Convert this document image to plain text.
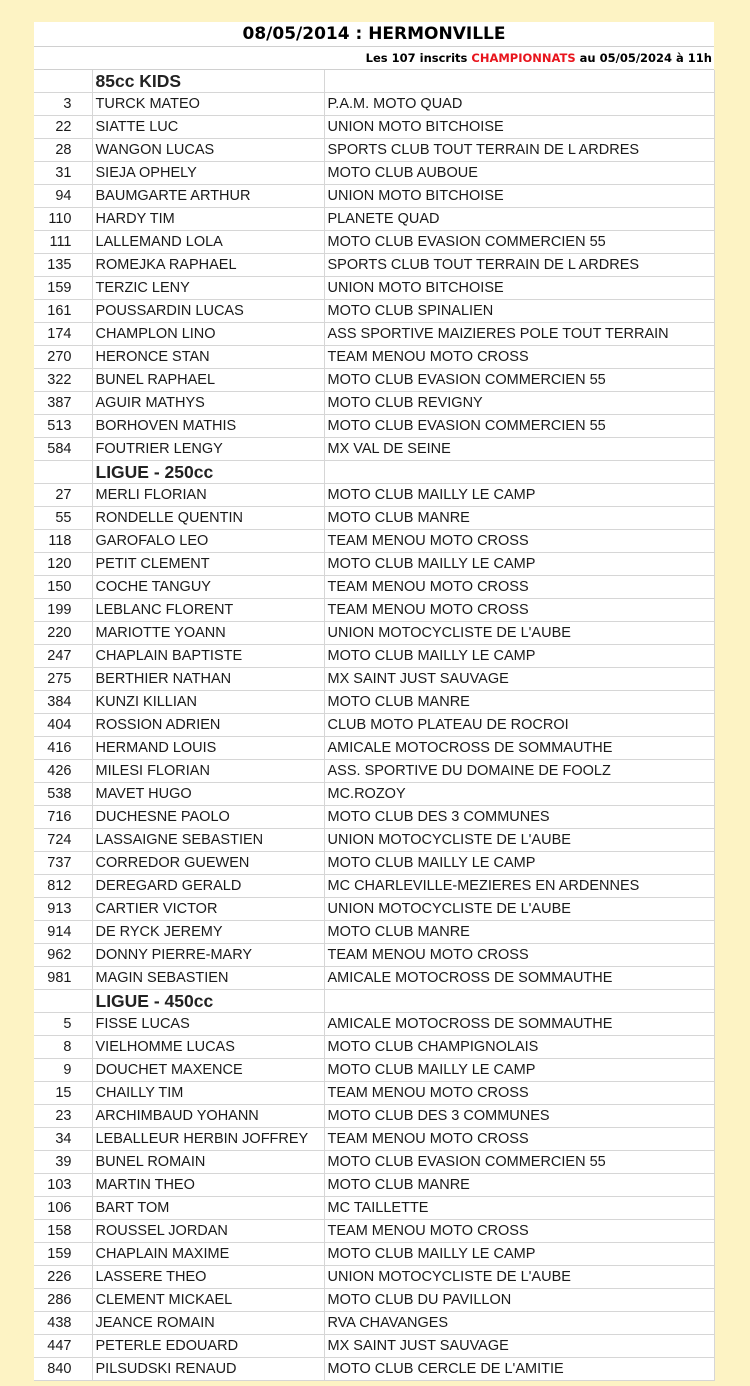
08/05/2014 : HERMONVILLE
Les 107 inscrits CHAMPIONNATS au 05/05/2024 à 11h
	85cc KIDS	
3	TURCK MATEO	P.A.M. MOTO QUAD
22	SIATTE LUC	UNION MOTO BITCHOISE
28	WANGON LUCAS	SPORTS CLUB TOUT TERRAIN DE L ARDRES
31	SIEJA OPHELY	MOTO CLUB AUBOUE
94	BAUMGARTE ARTHUR	UNION MOTO BITCHOISE
110	HARDY TIM	PLANETE QUAD
111	LALLEMAND LOLA	MOTO CLUB EVASION COMMERCIEN 55
135	ROMEJKA RAPHAEL	SPORTS CLUB TOUT TERRAIN DE L ARDRES
159	TERZIC LENY	UNION MOTO BITCHOISE
161	POUSSARDIN LUCAS	MOTO CLUB SPINALIEN
174	CHAMPLON LINO	ASS SPORTIVE MAIZIERES POLE TOUT TERRAIN
270	HERONCE STAN	TEAM MENOU MOTO CROSS
322	BUNEL RAPHAEL	MOTO CLUB EVASION COMMERCIEN 55
387	AGUIR MATHYS	MOTO CLUB REVIGNY
513	BORHOVEN MATHIS	MOTO CLUB EVASION COMMERCIEN 55
584	FOUTRIER LENGY	MX VAL DE SEINE
	LIGUE - 250cc	
27	MERLI FLORIAN	MOTO CLUB MAILLY LE CAMP
55	RONDELLE QUENTIN	MOTO CLUB MANRE
118	GAROFALO LEO	TEAM MENOU MOTO CROSS
120	PETIT CLEMENT	MOTO CLUB MAILLY LE CAMP
150	COCHE TANGUY	TEAM MENOU MOTO CROSS
199	LEBLANC FLORENT	TEAM MENOU MOTO CROSS
220	MARIOTTE YOANN	UNION MOTOCYCLISTE DE L'AUBE
247	CHAPLAIN BAPTISTE	MOTO CLUB MAILLY LE CAMP
275	BERTHIER NATHAN	MX SAINT JUST SAUVAGE
384	KUNZI KILLIAN	MOTO CLUB MANRE
404	ROSSION ADRIEN	CLUB MOTO PLATEAU DE ROCROI
416	HERMAND LOUIS	AMICALE MOTOCROSS DE SOMMAUTHE
426	MILESI FLORIAN	ASS. SPORTIVE DU DOMAINE DE FOOLZ
538	MAVET HUGO	MC.ROZOY
716	DUCHESNE PAOLO	MOTO CLUB DES 3 COMMUNES
724	LASSAIGNE SEBASTIEN	UNION MOTOCYCLISTE DE L'AUBE
737	CORREDOR GUEWEN	MOTO CLUB MAILLY LE CAMP
812	DEREGARD GERALD	MC CHARLEVILLE-MEZIERES EN ARDENNES
913	CARTIER VICTOR	UNION MOTOCYCLISTE DE L'AUBE
914	DE RYCK JEREMY	MOTO CLUB MANRE
962	DONNY PIERRE-MARY	TEAM MENOU MOTO CROSS
981	MAGIN SEBASTIEN	AMICALE MOTOCROSS DE SOMMAUTHE
	LIGUE - 450cc	
5	FISSE LUCAS	AMICALE MOTOCROSS DE SOMMAUTHE
8	VIELHOMME LUCAS	MOTO CLUB CHAMPIGNOLAIS
9	DOUCHET MAXENCE	MOTO CLUB MAILLY LE CAMP
15	CHAILLY TIM	TEAM MENOU MOTO CROSS
23	ARCHIMBAUD YOHANN	MOTO CLUB DES 3 COMMUNES
34	LEBALLEUR HERBIN JOFFREY	TEAM MENOU MOTO CROSS
39	BUNEL ROMAIN	MOTO CLUB EVASION COMMERCIEN 55
103	MARTIN THEO	MOTO CLUB MANRE
106	BART TOM	MC TAILLETTE
158	ROUSSEL JORDAN	TEAM MENOU MOTO CROSS
159	CHAPLAIN MAXIME	MOTO CLUB MAILLY LE CAMP
226	LASSERE THEO	UNION MOTOCYCLISTE DE L'AUBE
286	CLEMENT MICKAEL	MOTO CLUB DU PAVILLON
438	JEANCE ROMAIN	RVA CHAVANGES
447	PETERLE EDOUARD	MX SAINT JUST SAUVAGE
840	PILSUDSKI RENAUD	MOTO CLUB CERCLE DE L'AMITIE
